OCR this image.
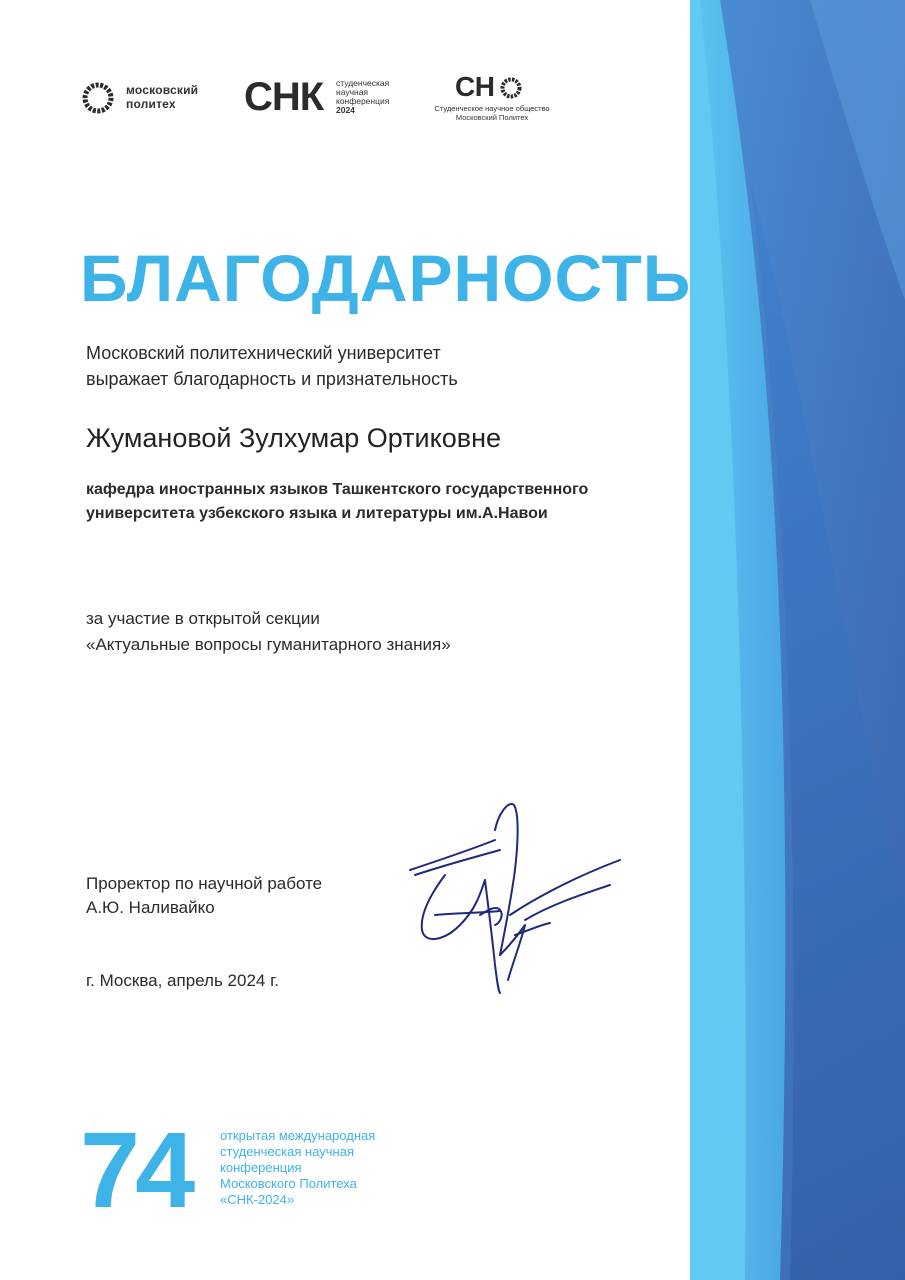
московский
политех	СНК студенческая
научная
конференция
2024
СН
Студенческое научное общество
Московский Политех
БЛАГОДАРНОСТЬ
Московский политехнический университет
выражает благодарность и признательность
Жумановой Зулхумар Ортиковне
кафедра иностранных языков Ташкентского государственного
университета узбекского языка и литературы им.А.Навои
за участие в открытой секции
«Актуальные вопросы гуманитарного знания»
Проректор по научной работе
А.Ю. Наливайко
г. Москва, апрель 2024 г.
74 открытая международная
студенческая научная
конференция
Московского Политеха
«СНК-2024»
